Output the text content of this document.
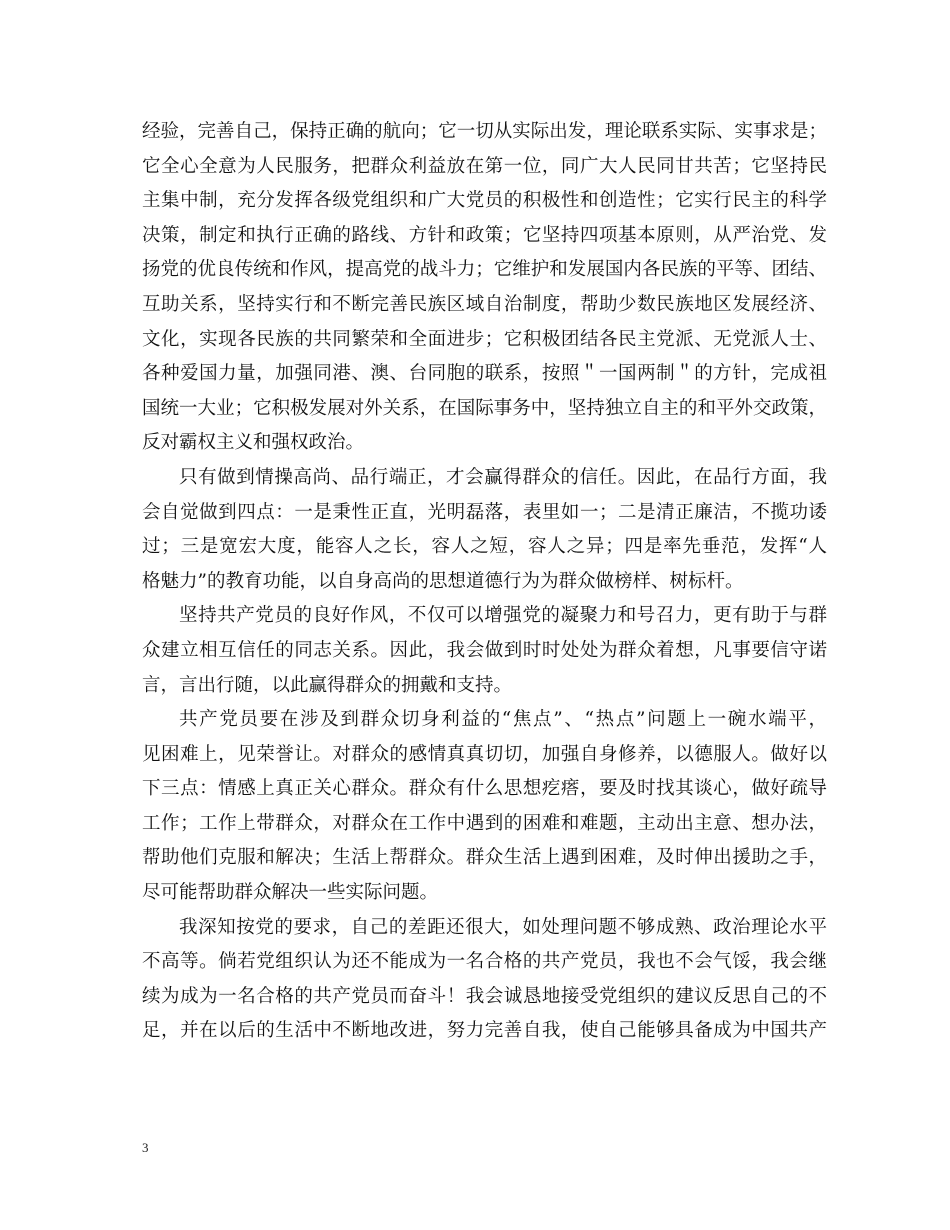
经验，完善自己，保持正确的航向；它一切从实际出发，理论联系实际、实事求是；
它全心全意为人民服务，把群众利益放在第一位，同广大人民同甘共苦；它坚持民
主集中制，充分发挥各级党组织和广大党员的积极性和创造性；它实行民主的科学
决策，制定和执行正确的路线、方针和政策；它坚持四项基本原则，从严治党、发
扬党的优良传统和作风，提高党的战斗力；它维护和发展国内各民族的平等、团结、
互助关系，坚持实行和不断完善民族区域自治制度，帮助少数民族地区发展经济、
文化，实现各民族的共同繁荣和全面进步；它积极团结各民主党派、无党派人士、
各种爱国力量，加强同港、澳、台同胞的联系，按照＂一国两制＂的方针，完成祖
国统一大业；它积极发展对外关系，在国际事务中，坚持独立自主的和平外交政策，
反对霸权主义和强权政治。
只有做到情操高尚、品行端正，才会赢得群众的信任。因此，在品行方面，我
会自觉做到四点：一是秉性正直，光明磊落，表里如一；二是清正廉洁，不揽功诿
过；三是宽宏大度，能容人之长，容人之短，容人之异；四是率先垂范，发挥“人
格魅力”的教育功能，以自身高尚的思想道德行为为群众做榜样、树标杆。
坚持共产党员的良好作风，不仅可以增强党的凝聚力和号召力，更有助于与群
众建立相互信任的同志关系。因此，我会做到时时处处为群众着想，凡事要信守诺
言，言出行随，以此赢得群众的拥戴和支持。
共产党员要在涉及到群众切身利益的“焦点”、“热点”问题上一碗水端平，
见困难上，见荣誉让。对群众的感情真真切切，加强自身修养，以德服人。做好以
下三点：情感上真正关心群众。群众有什么思想疙瘩，要及时找其谈心，做好疏导
工作；工作上带群众，对群众在工作中遇到的困难和难题，主动出主意、想办法，
帮助他们克服和解决；生活上帮群众。群众生活上遇到困难，及时伸出援助之手，
尽可能帮助群众解决一些实际问题。
我深知按党的要求，自己的差距还很大，如处理问题不够成熟、政治理论水平
不高等。倘若党组织认为还不能成为一名合格的共产党员，我也不会气馁，我会继
续为成为一名合格的共产党员而奋斗！我会诚恳地接受党组织的建议反思自己的不
足，并在以后的生活中不断地改进，努力完善自我，使自己能够具备成为中国共产
3
